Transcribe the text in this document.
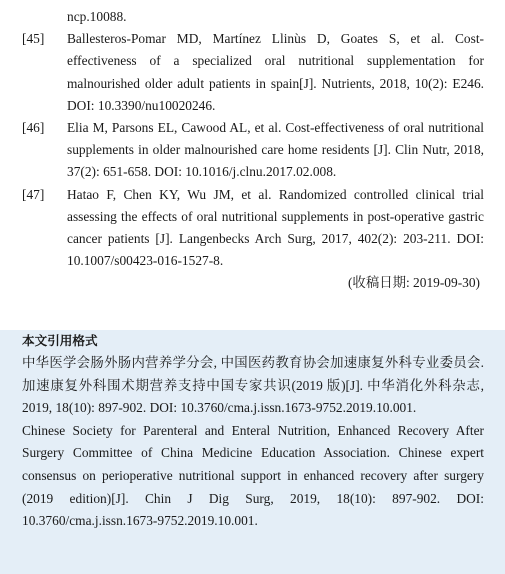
ncp.10088.
[45]	Ballesteros-Pomar MD, Martínez Llinùs D, Goates S, et al. Cost-effectiveness of a specialized oral nutritional supplementation for malnourished older adult patients in spain[J]. Nutrients, 2018, 10(2): E246. DOI: 10.3390/nu10020246.
[46]	Elia M, Parsons EL, Cawood AL, et al. Cost-effectiveness of oral nutritional supplements in older malnourished care home residents [J]. Clin Nutr, 2018, 37(2): 651-658. DOI: 10.1016/j.clnu.2017.02.008.
[47]	Hatao F, Chen KY, Wu JM, et al. Randomized controlled clinical trial assessing the effects of oral nutritional supplements in post-operative gastric cancer patients [J]. Langenbecks Arch Surg, 2017, 402(2): 203-211. DOI: 10.1007/s00423-016-1527-8.
(收稿日期: 2019-09-30)
本文引用格式
中华医学会肠外肠内营养学分会, 中国医药教育协会加速康复外科专业委员会. 加速康复外科围术期营养支持中国专家共识(2019 版)[J]. 中华消化外科杂志, 2019, 18(10): 897-902. DOI: 10.3760/cma.j.issn.1673-9752.2019.10.001.
Chinese Society for Parenteral and Enteral Nutrition, Enhanced Recovery After Surgery Committee of China Medicine Education Association. Chinese expert consensus on perioperative nutritional support in enhanced recovery after surgery (2019 edition)[J]. Chin J Dig Surg, 2019, 18(10): 897-902. DOI: 10.3760/cma.j.issn.1673-9752.2019.10.001.
